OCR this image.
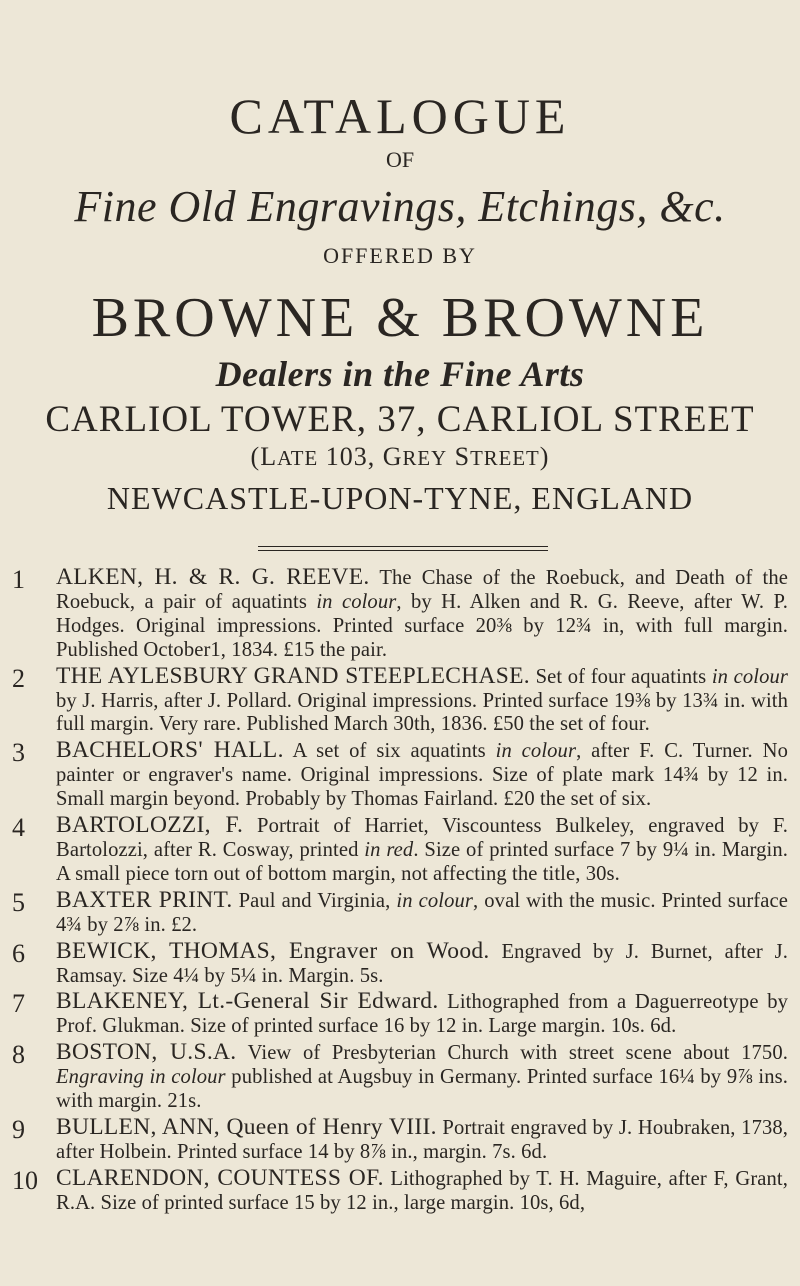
CATALOGUE
OF
Fine Old Engravings, Etchings, &c.
OFFERED BY
BROWNE & BROWNE
Dealers in the Fine Arts
CARLIOL TOWER, 37, CARLIOL STREET
(LATE 103, GREY STREET)
NEWCASTLE-UPON-TYNE, ENGLAND
1	ALKEN, H. & R. G. REEVE. The Chase of the Roebuck, and Death of the Roebuck, a pair of aquatints in colour, by H. Alken and R. G. Reeve, after W. P. Hodges. Original impressions. Printed surface 20⅜ by 12¾ in, with full margin. Published October1, 1834. £15 the pair.
2	THE AYLESBURY GRAND STEEPLECHASE. Set of four aquatints in colour by J. Harris, after J. Pollard. Original impressions. Printed surface 19⅜ by 13¾ in. with full margin. Very rare. Published March 30th, 1836. £50 the set of four.
3	BACHELORS' HALL. A set of six aquatints in colour, after F. C. Turner. No painter or engraver's name. Original impressions. Size of plate mark 14¾ by 12 in. Small margin beyond. Probably by Thomas Fairland. £20 the set of six.
4	BARTOLOZZI, F. Portrait of Harriet, Viscountess Bulkeley, engraved by F. Bartolozzi, after R. Cosway, printed in red. Size of printed surface 7 by 9¼ in. Margin. A small piece torn out of bottom margin, not affecting the title, 30s.
5	BAXTER PRINT. Paul and Virginia, in colour, oval with the music. Printed surface 4¾ by 2⅞ in. £2.
6	BEWICK, THOMAS, Engraver on Wood. Engraved by J. Burnet, after J. Ramsay. Size 4¼ by 5¼ in. Margin. 5s.
7	BLAKENEY, Lt.-General Sir Edward. Lithographed from a Daguerreotype by Prof. Glukman. Size of printed surface 16 by 12 in. Large margin. 10s. 6d.
8	BOSTON, U.S.A. View of Presbyterian Church with street scene about 1750. Engraving in colour published at Augsbuy in Germany. Printed surface 16¼ by 9⅞ ins. with margin. 21s.
9	BULLEN, ANN, Queen of Henry VIII. Portrait engraved by J. Houbraken, 1738, after Holbein. Printed surface 14 by 8⅞ in., margin. 7s. 6d.
10 CLARENDON, COUNTESS OF. Lithographed by T. H. Maguire, after F, Grant, R.A. Size of printed surface 15 by 12 in., large margin. 10s, 6d,
